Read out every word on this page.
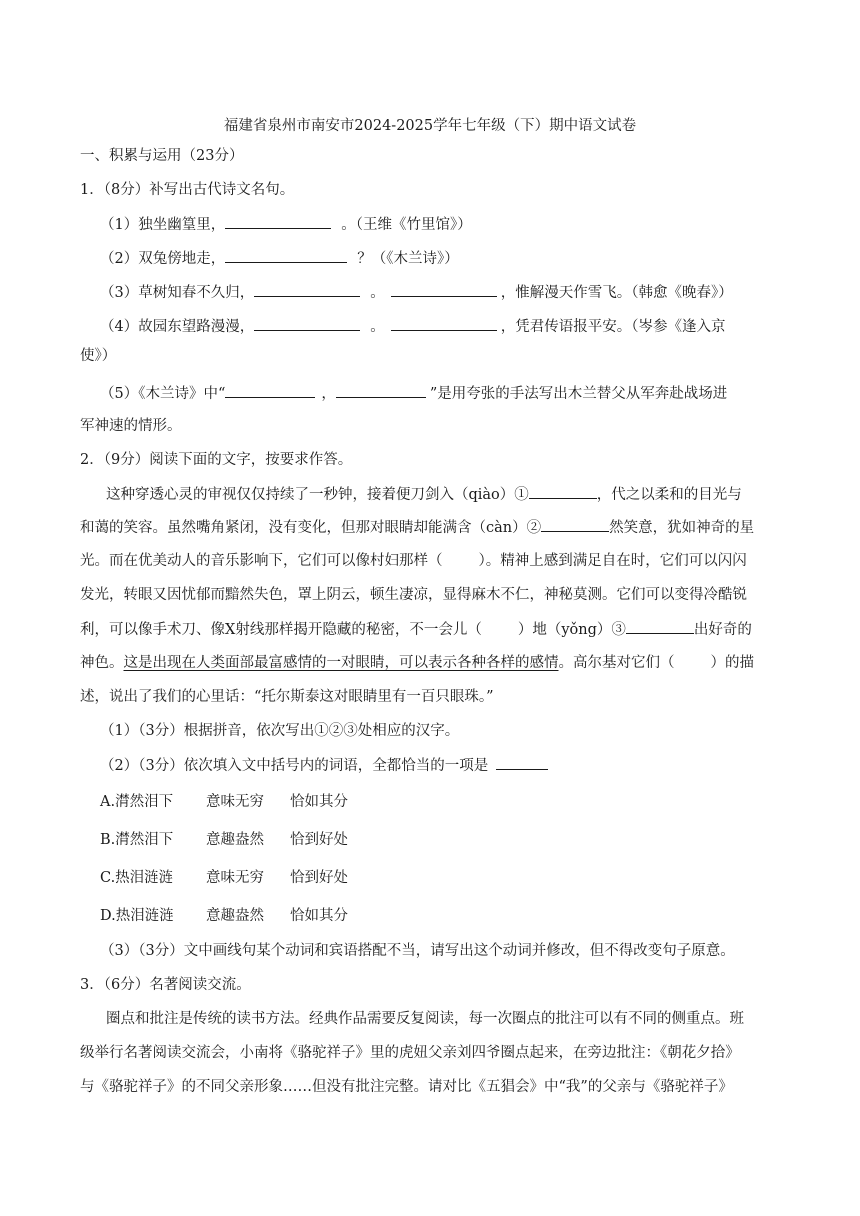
福建省泉州市南安市2024-2025学年七年级（下）期中语文试卷
一、积累与运用（23分）
1．（8分）补写出古代诗文名句。
（1）独坐幽篁里，	。（王维《竹里馆》）
（2）双兔傍地走，	？（《木兰诗》）
（3）草树知春不久归，	。	，惟解漫天作雪飞。（韩愈《晚春》）
（4）故园东望路漫漫，	。	，凭君传语报平安。（岑参《逢入京
使》）
（5）《木兰诗》中“	，	”是用夸张的手法写出木兰替父从军奔赴战场进
军神速的情形。
2．（9分）阅读下面的文字，按要求作答。
这种穿透心灵的审视仅仅持续了一秒钟，接着便刀剑入（qiào）①	，代之以柔和的目光与
和蔼的笑容。虽然嘴角紧闭，没有变化，但那对眼睛却能满含（càn）②	然笑意，犹如神奇的星
光。而在优美动人的音乐影响下，它们可以像村妇那样（ ）。精神上感到满足自在时，它们可以闪闪
发光，转眼又因忧郁而黯然失色，罩上阴云，顿生凄凉，显得麻木不仁，神秘莫测。它们可以变得冷酷锐
利，可以像手术刀、像X射线那样揭开隐藏的秘密，不一会儿（ ）地（yǒng）③	出好奇的
神色。这是出现在人类面部最富感情的一对眼睛，可以表示各种各样的感情。高尔基对它们（ ）的描
述，说出了我们的心里话：“托尔斯泰这对眼睛里有一百只眼珠。”
（1）（3分）根据拼音，依次写出①②③处相应的汉字。
（2）（3分）依次填入文中括号内的词语，全都恰当的一项是
A.潸然泪下 意味无穷 恰如其分
B.潸然泪下 意趣盎然 恰到好处
C.热泪涟涟 意味无穷 恰到好处
D.热泪涟涟 意趣盎然 恰如其分
（3）（3分）文中画线句某个动词和宾语搭配不当，请写出这个动词并修改，但不得改变句子原意。
3．（6分）名著阅读交流。
圈点和批注是传统的读书方法。经典作品需要反复阅读，每一次圈点的批注可以有不同的侧重点。班
级举行名著阅读交流会，小南将《骆驼祥子》里的虎妞父亲刘四爷圈点起来，在旁边批注：《朝花夕拾》
与《骆驼祥子》的不同父亲形象……但没有批注完整。请对比《五猖会》中“我”的父亲与《骆驼祥子》
